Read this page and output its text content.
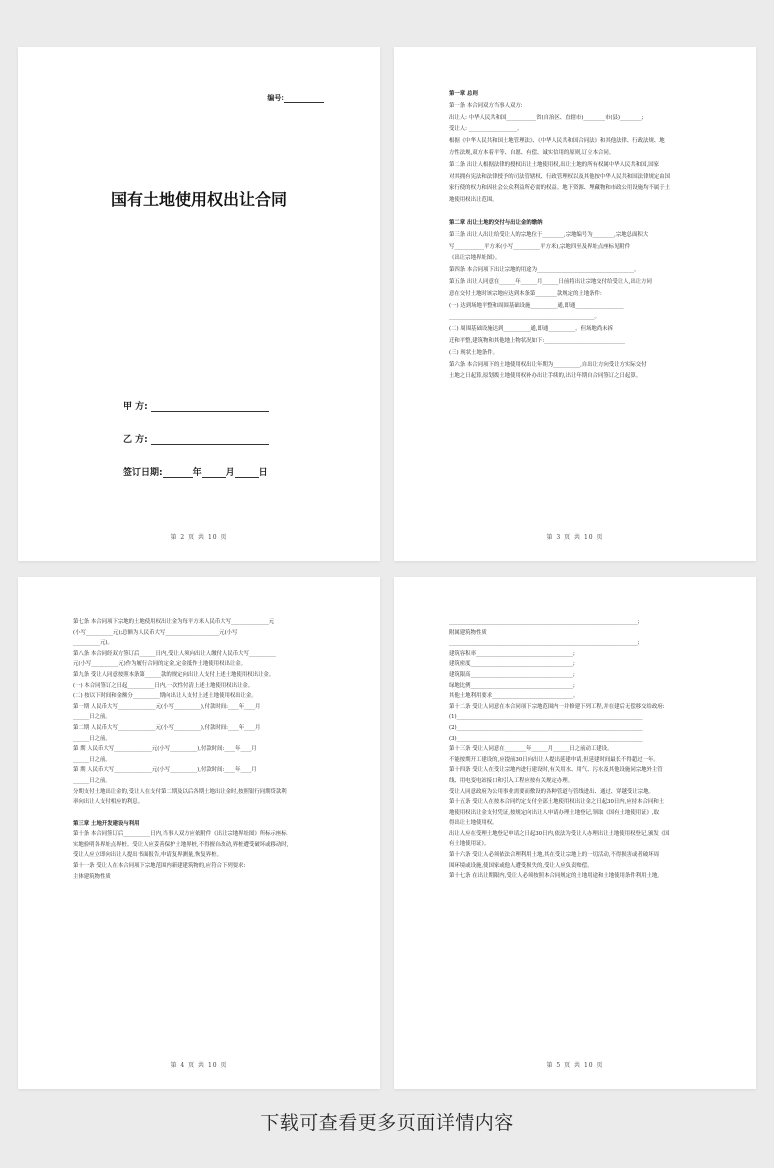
编号:
国有土地使用权出让合同
甲 方:
乙 方:
签订日期:	年	月	日
第 2 页 共 10 页
第一章 总则
第一条 本合同双方当事人双方:
出让人: 中华人民共和国___________省(自治区、直辖市)________市(县)________;
受让人: __________________。
根据《中华人民共和国土地管理法》、《中华人民共和国合同法》和其他法律、行政法规、地
方性法规,双方本着平等、自愿、有偿、诚实信用的原则,订立本合同。
第二条 出让人根据法律的授权出让土地使用权,出让土地的所有权属中华人民共和国,国家
对其拥有宪法和法律授予的司法管辖权、行政管理权以及其他按中华人民共和国法律规定由国
家行使的权力和因社会公众利益所必需的权益。地下资源、埋藏物和市政公用设施均不属于土
地使用权出让范围。
第二章 出让土地的交付与出让金的缴纳
第三条 出让人出让给受让人的宗地位于________,宗地编号为________,宗地总面积大
写___________平方米(小写__________平方米),宗地四至及界址点座标见附件
《出让宗地界址图》。
第四条 本合同项下出让宗地的用途为____________________________________。
第五条 出让人同意在______年______月______日前将出让宗地交付给受让人,出让方同
意在交付土地时该宗地应达到本条第________款规定的土地条件:
(一) 达到场地平整和周围基础设施__________通,即通__________________
______________________________________________________。
(二) 周围基础设施达到__________通,即通__________。但场地尚未拆
迁和平整,建筑物和其他地上物状况如下:______________________________
(三) 现状土地条件。
第六条 本合同项下的土地使用权出让年期为__________,自出让方向受让方实际交付
土地之日起算,原划拨土地使用权补办出让手续的,出让年期自合同签订之日起算。
第 3 页 共 10 页
第七条 本合同项下宗地的土地使用权出让金为每平方米人民币大写______________元
(小写__________元);总额为人民币大写____________________元(小写
__________元)。
第八条 本合同经双方签订后______日内,受让人须向出让人缴付人民币大写__________
元(小写__________元)作为履行合同的定金,定金抵作土地使用权出让金。
第九条 受让人同意按照本条第______款的规定向出让人支付上述土地使用权出让金。
(一) 本合同签订之日起__________日内,一次性付清上述土地使用权出让金。
(二) 按以下时间和金额分__________期向出让人支付上述土地使用权出让金。
第一期 人民币大写______________元(小写__________),付款时间:____年____月
______日之前。
第二期 人民币大写______________元(小写__________),付款时间:____年____月
______日之前。
第 期 人民币大写______________元(小写__________),付款时间:____年____月
______日之前。
第 期 人民币大写______________元(小写__________),付款时间:____年____月
______日之前。
分期支付土地出让金的,受让人在支付第二期及以后各期土地出让金时,按照银行同期贷款利
率向出让人支付相应的利息。
第三章 土地开发建设与利用
第十条 本合同签订后__________日内,当事人双方应依附件《出让宗地界址图》所标示座标
实地验明各界址点界桩。受让人应妥善保护土地界桩,不得擅自改动,界桩遭受破坏或移动时,
受让人应立即向出让人提出书面报告,申请复界测量,恢复界桩。
第十一条 受让人在本合同项下宗地范围内新建建筑物的,应符合下列要求:
主体建筑物性质
第 4 页 共 10 页
______________________________________________________________________;
附属建筑物性质
______________________________________________________________________;
建筑容积率____________________________________;
建筑密度______________________________________;
建筑限高______________________________________;
绿地比例______________________________________;
其他土地利用要求______________________________。
第十二条 受让人同意在本合同项下宗地范围内一并修建下列工程,并在建后无偿移交给政府:
(1)_____________________________________________________________________
(2)_____________________________________________________________________
(3)_____________________________________________________________________
第十三条 受让人同意在________年______月______日之前动工建设。
不能按期开工建设的,应提前30日向出让人提出延建申请,但延建时间最长不得超过一年。
第十四条 受让人在受让宗地内进行建设时,有关用水、用气、污水及其他设施同宗地外主管
线、用电变电站接口和引入工程应按有关规定办理。
受让人同意政府为公用事业需要而敷设的各种管道与管线进出、通过、穿越受让宗地。
第十五条 受让人在按本合同约定支付全部土地使用权出让金之日起30日内,应持本合同和土
地使用权出让金支付凭证,按规定向出让人申请办理土地登记,领取《国有土地使用证》,取
得出让土地使用权。
出让人应在受理土地登记申请之日起30日内,依法为受让人办理出让土地使用权登记,颁发《国
有土地使用证》。
第十六条 受让人必须依法合理利用土地,其在受让宗地上的一切活动,不得损害或者破坏周
围环境或设施,使国家或他人遭受损失的,受让人应负责赔偿。
第十七条 在出让期限内,受让人必须按照本合同规定的土地用途和土地使用条件利用土地,
第 5 页 共 10 页
下载可查看更多页面详情内容
